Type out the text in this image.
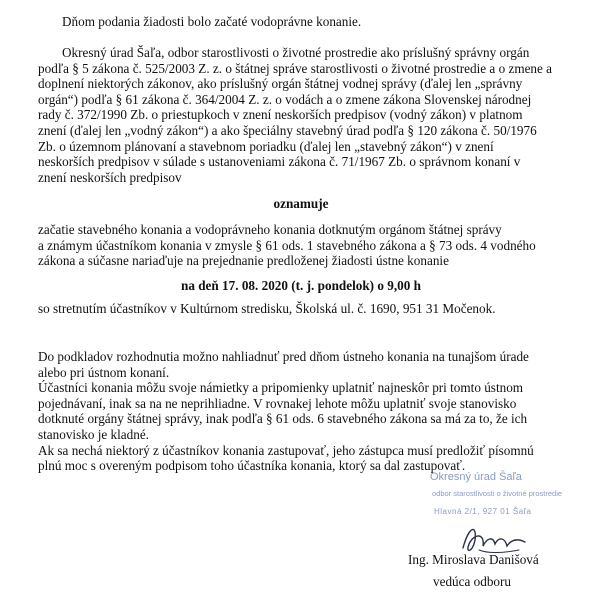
Dňom podania žiadosti bolo začaté vodoprávne konanie.

Okresný úrad Šaľa, odbor starostlivosti o životné prostredie ako príslušný správny orgán
podľa § 5 zákona č. 525/2003 Z. z. o štátnej správe starostlivosti o životné prostredie a o zmene a
doplnení niektorých zákonov, ako príslušný orgán štátnej vodnej správy (ďalej len „správny
orgán“) podľa § 61 zákona č. 364/2004 Z. z. o vodách a o zmene zákona Slovenskej národnej
rady č. 372/1990 Zb. o priestupkoch v znení neskorších predpisov (vodný zákon) v platnom
znení (ďalej len „vodný zákon“) a ako špeciálny stavebný úrad podľa § 120 zákona č. 50/1976
Zb. o územnom plánovaní a stavebnom poriadku (ďalej len „stavebný zákon“) v znení
neskorších predpisov v súlade s ustanoveniami zákona č. 71/1967 Zb. o správnom konaní v
znení neskorších predpisov

oznamuje

začatie stavebného konania a vodoprávneho konania dotknutým orgánom štátnej správy
a známym účastníkom konania v zmysle § 61 ods. 1 stavebného zákona a § 73 ods. 4 vodného
zákona a súčasne nariaďuje na prejednanie predloženej žiadosti ústne konanie

na deň 17. 08. 2020 (t. j. pondelok) o 9,00 h

so stretnutím účastníkov v Kultúrnom stredisku, Školská ul. č. 1690, 951 31 Močenok.

Do podkladov rozhodnutia možno nahliadnuť pred dňom ústneho konania na tunajšom úrade
alebo pri ústnom konaní.
Účastníci konania môžu svoje námietky a pripomienky uplatniť najneskôr pri tomto ústnom
pojednávaní, inak sa na ne neprihliadne. V rovnakej lehote môžu uplatniť svoje stanovisko
dotknuté orgány štátnej správy, inak podľa § 61 ods. 6 stavebného zákona sa má za to, že ich
stanovisko je kladné.
Ak sa nechá niektorý z účastníkov konania zastupovať, jeho zástupca musí predložiť písomnú
plnú moc s overeným podpisom toho účastníka konania, ktorý sa dal zastupovať.
Okresný úrad Šaľa
odbor starostlivosti o životné prostredie
Hlavná 2/1, 927 01 Šaľa

Ing. Miroslava Danišová

vedúca odboru
